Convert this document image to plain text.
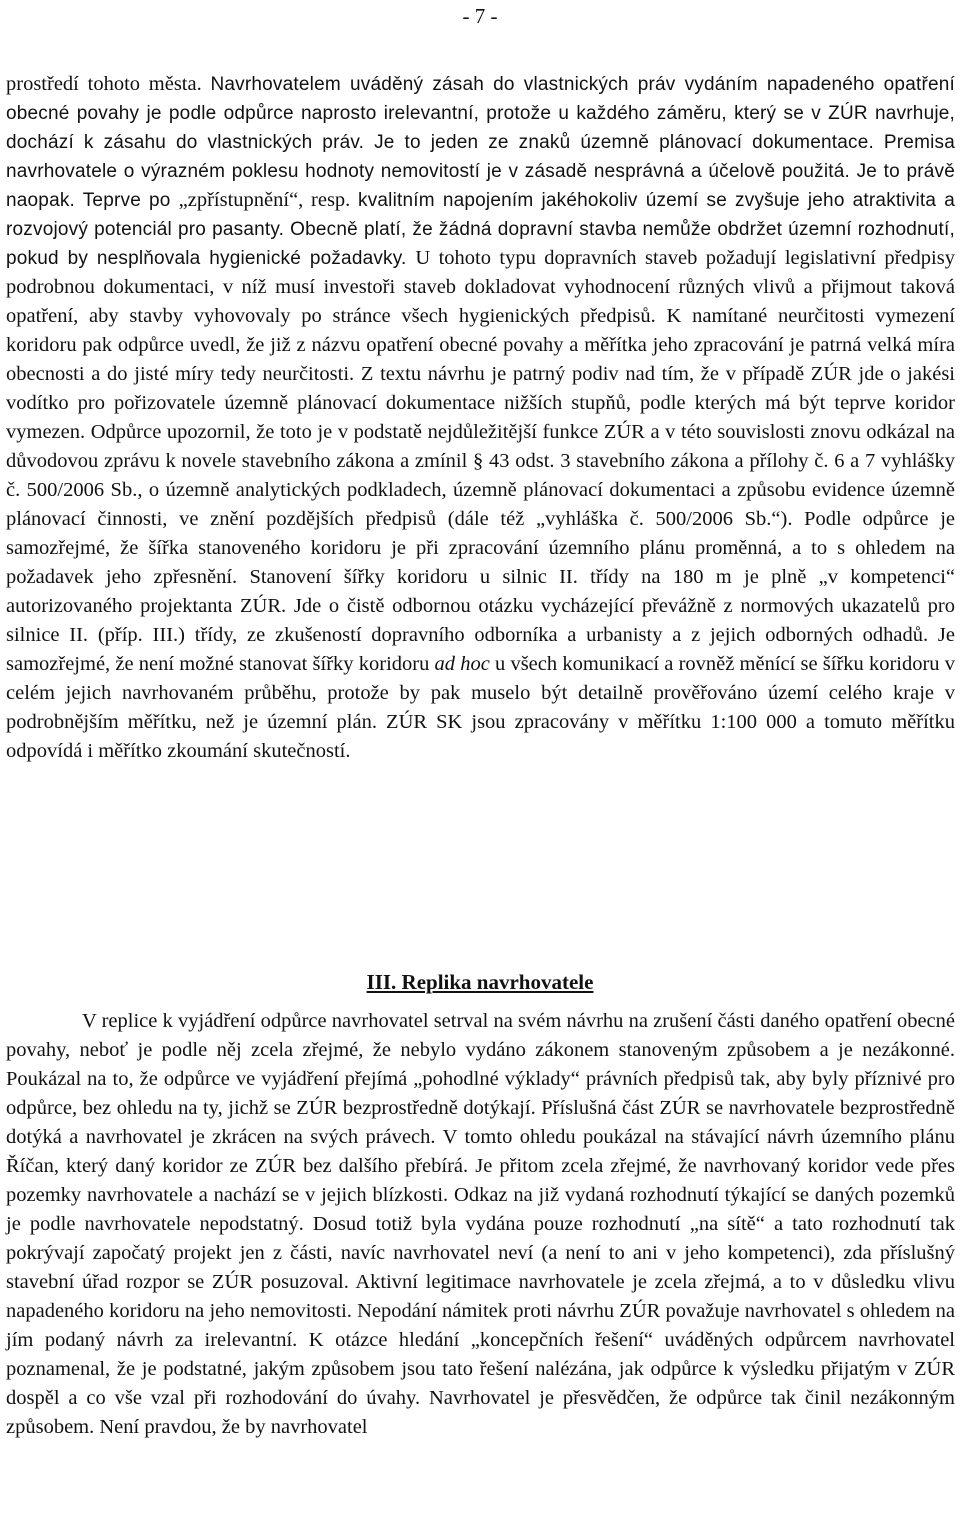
- 7 -

prostředí tohoto města. Navrhovatelem uváděný zásah do vlastnických práv vydáním napadeného opatření obecné povahy je podle odpůrce naprosto irelevantní, protože u každého záměru, který se v ZÚR navrhuje, dochází k zásahu do vlastnických práv. Je to jeden ze znaků územně plánovací dokumentace. Premisa navrhovatele o výrazném poklesu hodnoty nemovitostí je v zásadě nesprávná a účelově použitá. Je to právě naopak. Teprve po „zpřístupnění“, resp. kvalitním napojením jakéhokoliv území se zvyšuje jeho atraktivita a rozvojový potenciál pro pasanty. Obecně platí, že žádná dopravní stavba nemůže obdržet územní rozhodnutí, pokud by nesplňovala hygienické požadavky. U tohoto typu dopravních staveb požadují legislativní předpisy podrobnou dokumentaci, v níž musí investoři staveb dokladovat vyhodnocení různých vlivů a přijmout taková opatření, aby stavby vyhovovaly po stránce všech hygienických předpisů. K namítané neurčitosti vymezení koridoru pak odpůrce uvedl, že již z názvu opatření obecné povahy a měřítka jeho zpracování je patrná velká míra obecnosti a do jisté míry tedy neurčitosti. Z textu návrhu je patrný podiv nad tím, že v případě ZÚR jde o jakési vodítko pro pořizovatele územně plánovací dokumentace nižších stupňů, podle kterých má být teprve koridor vymezen. Odpůrce upozornil, že toto je v podstatě nejdůležitější funkce ZÚR a v této souvislosti znovu odkázal na důvodovou zprávu k novele stavebního zákona a zmínil § 43 odst. 3 stavebního zákona a přílohy č. 6 a 7 vyhlášky č. 500/2006 Sb., o územně analytických podkladech, územně plánovací dokumentaci a způsobu evidence územně plánovací činnosti, ve znění pozdějších předpisů (dále též „vyhláška č. 500/2006 Sb.“). Podle odpůrce je samozřejmé, že šířka stanoveného koridoru je při zpracování územního plánu proměnná, a to s ohledem na požadavek jeho zpřesnění. Stanovení šířky koridoru u silnic II. třídy na 180 m je plně „v kompetenci“ autorizovaného projektanta ZÚR. Jde o čistě odbornou otázku vycházející převážně z normových ukazatelů pro silnice II. (příp. III.) třídy, ze zkušeností dopravního odborníka a urbanisty a z jejich odborných odhadů. Je samozřejmé, že není možné stanovat šířky koridoru ad hoc u všech komunikací a rovněž měnící se šířku koridoru v celém jejich navrhovaném průběhu, protože by pak muselo být detailně prověřováno území celého kraje v podrobnějším měřítku, než je územní plán. ZÚR SK jsou zpracovány v měřítku 1:100 000 a tomuto měřítku odpovídá i měřítko zkoumání skutečností.

III. Replika navrhovatele

V replice k vyjádření odpůrce navrhovatel setrval na svém návrhu na zrušení části daného opatření obecné povahy, neboť je podle něj zcela zřejmé, že nebylo vydáno zákonem stanoveným způsobem a je nezákonné. Poukázal na to, že odpůrce ve vyjádření přejímá „pohodlné výklady“ právních předpisů tak, aby byly příznivé pro odpůrce, bez ohledu na ty, jichž se ZÚR bezprostředně dotýkají. Příslušná část ZÚR se navrhovatele bezprostředně dotýká a navrhovatel je zkrácen na svých právech. V tomto ohledu poukázal na stávající návrh územního plánu Říčan, který daný koridor ze ZÚR bez dalšího přebírá. Je přitom zcela zřejmé, že navrhovaný koridor vede přes pozemky navrhovatele a nachází se v jejich blízkosti. Odkaz na již vydaná rozhodnutí týkající se daných pozemků je podle navrhovatele nepodstatný. Dosud totiž byla vydána pouze rozhodnutí „na sítě“ a tato rozhodnutí tak pokrývají započatý projekt jen z části, navíc navrhovatel neví (a není to ani v jeho kompetenci), zda příslušný stavební úřad rozpor se ZÚR posuzoval. Aktivní legitimace navrhovatele je zcela zřejmá, a to v důsledku vlivu napadeného koridoru na jeho nemovitosti. Nepodání námitek proti návrhu ZÚR považuje navrhovatel s ohledem na jím podaný návrh za irelevantní. K otázce hledání „koncepčních řešení“ uváděných odpůrcem navrhovatel poznamenal, že je podstatné, jakým způsobem jsou tato řešení nalézána, jak odpůrce k výsledku přijatým v ZÚR dospěl a co vše vzal při rozhodování do úvahy. Navrhovatel je přesvědčen, že odpůrce tak činil nezákonným způsobem. Není pravdou, že by navrhovatel
